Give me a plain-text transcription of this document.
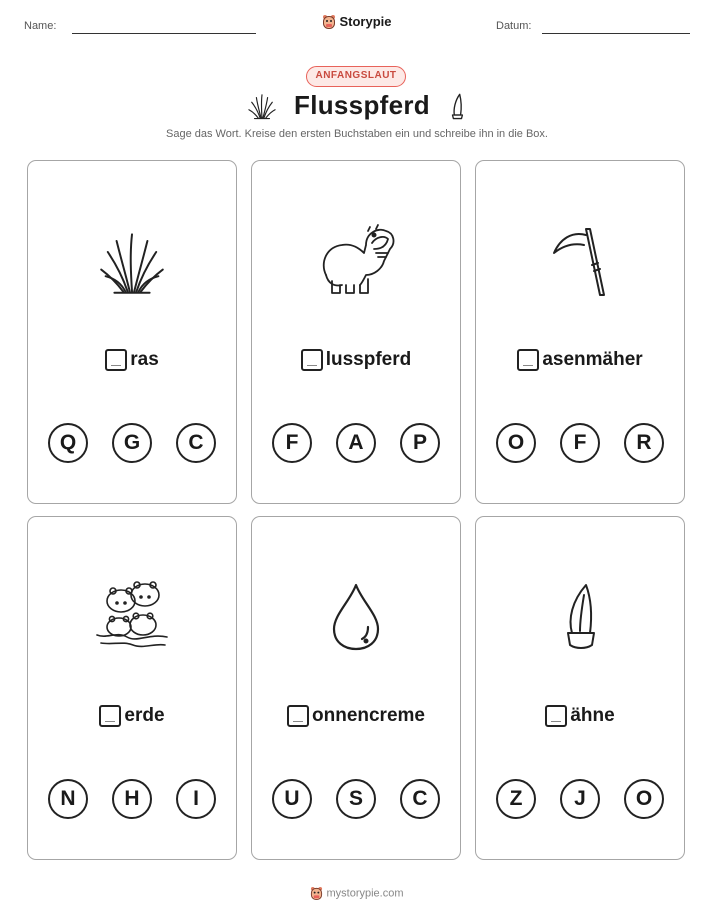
Name:	Storypie	Datum:
ANFANGSLAUT
Flusspferd
Sage das Wort. Kreise den ersten Buchstaben ein und schreibe ihn in die Box.
ras
Q	G	C
lusspferd
F	A	P
asenmäher
O	F	R
erde
N	H	I
onnencreme
U	S	C
ähne
Z	J	O
mystorypie.com
